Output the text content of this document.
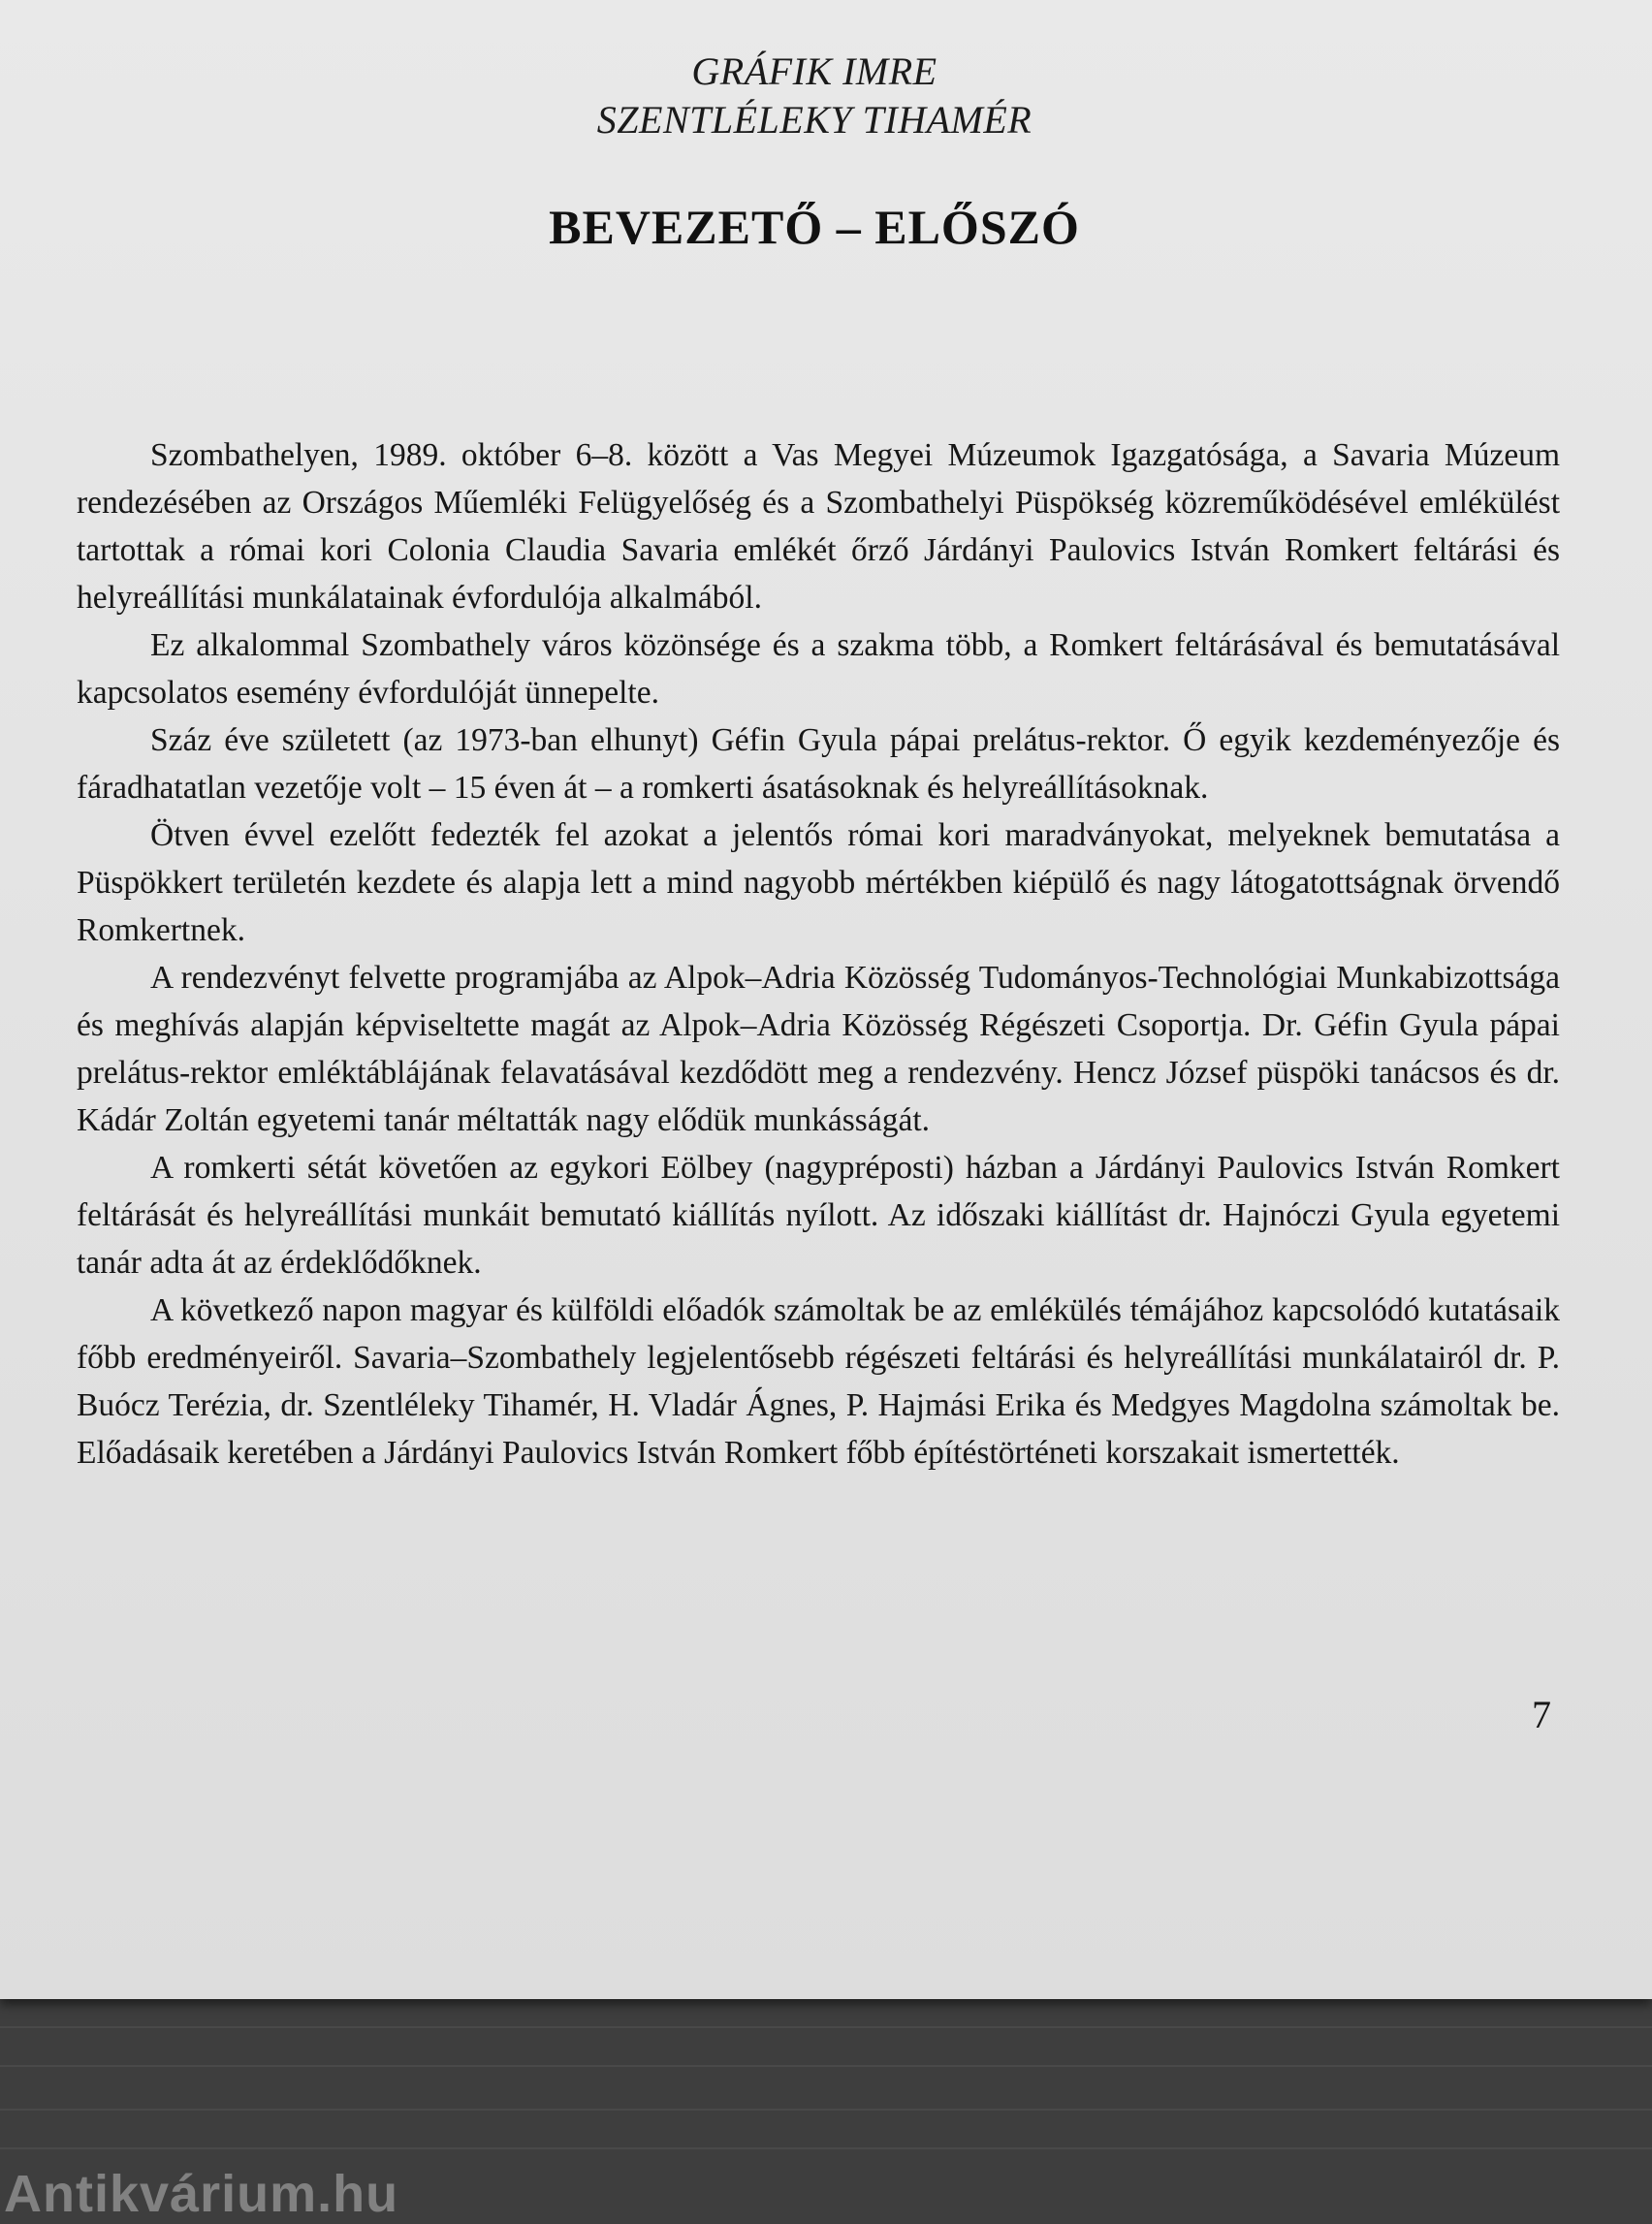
GRÁFIK IMRE
SZENTLÉLEKY TIHAMÉR
BEVEZETŐ – ELŐSZÓ

Szombathelyen, 1989. október 6–8. között a Vas Megyei Múzeumok Igazgatósága, a Savaria Múzeum rendezésében az Országos Műemléki Felügyelőség és a Szombathelyi Püspökség közreműködésével emlékülést tartottak a római kori Colonia Claudia Savaria emlékét őrző Járdányi Paulovics István Romkert feltárási és helyreállítási munkálatainak évfordulója alkalmából.

Ez alkalommal Szombathely város közönsége és a szakma több, a Romkert feltárásával és bemutatásával kapcsolatos esemény évfordulóját ünnepelte.

Száz éve született (az 1973-ban elhunyt) Géfin Gyula pápai prelátus-rektor. Ő egyik kezdeményezője és fáradhatatlan vezetője volt – 15 éven át – a romkerti ásatásoknak és helyreállításoknak.

Ötven évvel ezelőtt fedezték fel azokat a jelentős római kori maradványokat, melyeknek bemutatása a Püspökkert területén kezdete és alapja lett a mind nagyobb mértékben kiépülő és nagy látogatottságnak örvendő Romkertnek.

A rendezvényt felvette programjába az Alpok–Adria Közösség Tudományos-Technológiai Munkabizottsága és meghívás alapján képviseltette magát az Alpok–Adria Közösség Régészeti Csoportja. Dr. Géfin Gyula pápai prelátus-rektor emléktáblájának felavatásával kezdődött meg a rendezvény. Hencz József püspöki tanácsos és dr. Kádár Zoltán egyetemi tanár méltatták nagy elődük munkásságát.

A romkerti sétát követően az egykori Eölbey (nagyprépostі) házban a Járdányi Paulovics István Romkert feltárását és helyreállítási munkáit bemutató kiállítás nyílott. Az időszaki kiállítást dr. Hajnóczi Gyula egyetemi tanár adta át az érdeklődőknek.

A következő napon magyar és külföldi előadók számoltak be az emlékülés témájához kapcsolódó kutatásaik főbb eredményeiről. Savaria–Szombathely legjelentősebb régészeti feltárási és helyreállítási munkálatairól dr. P. Buócz Terézia, dr. Szentléleky Tihamér, H. Vladár Ágnes, P. Hajmási Erika és Medgyes Magdolna számoltak be. Előadásaik keretében a Járdányi Paulovics István Romkert főbb építéstörténeti korszakait ismertették.

7
Antikvárium.hu
